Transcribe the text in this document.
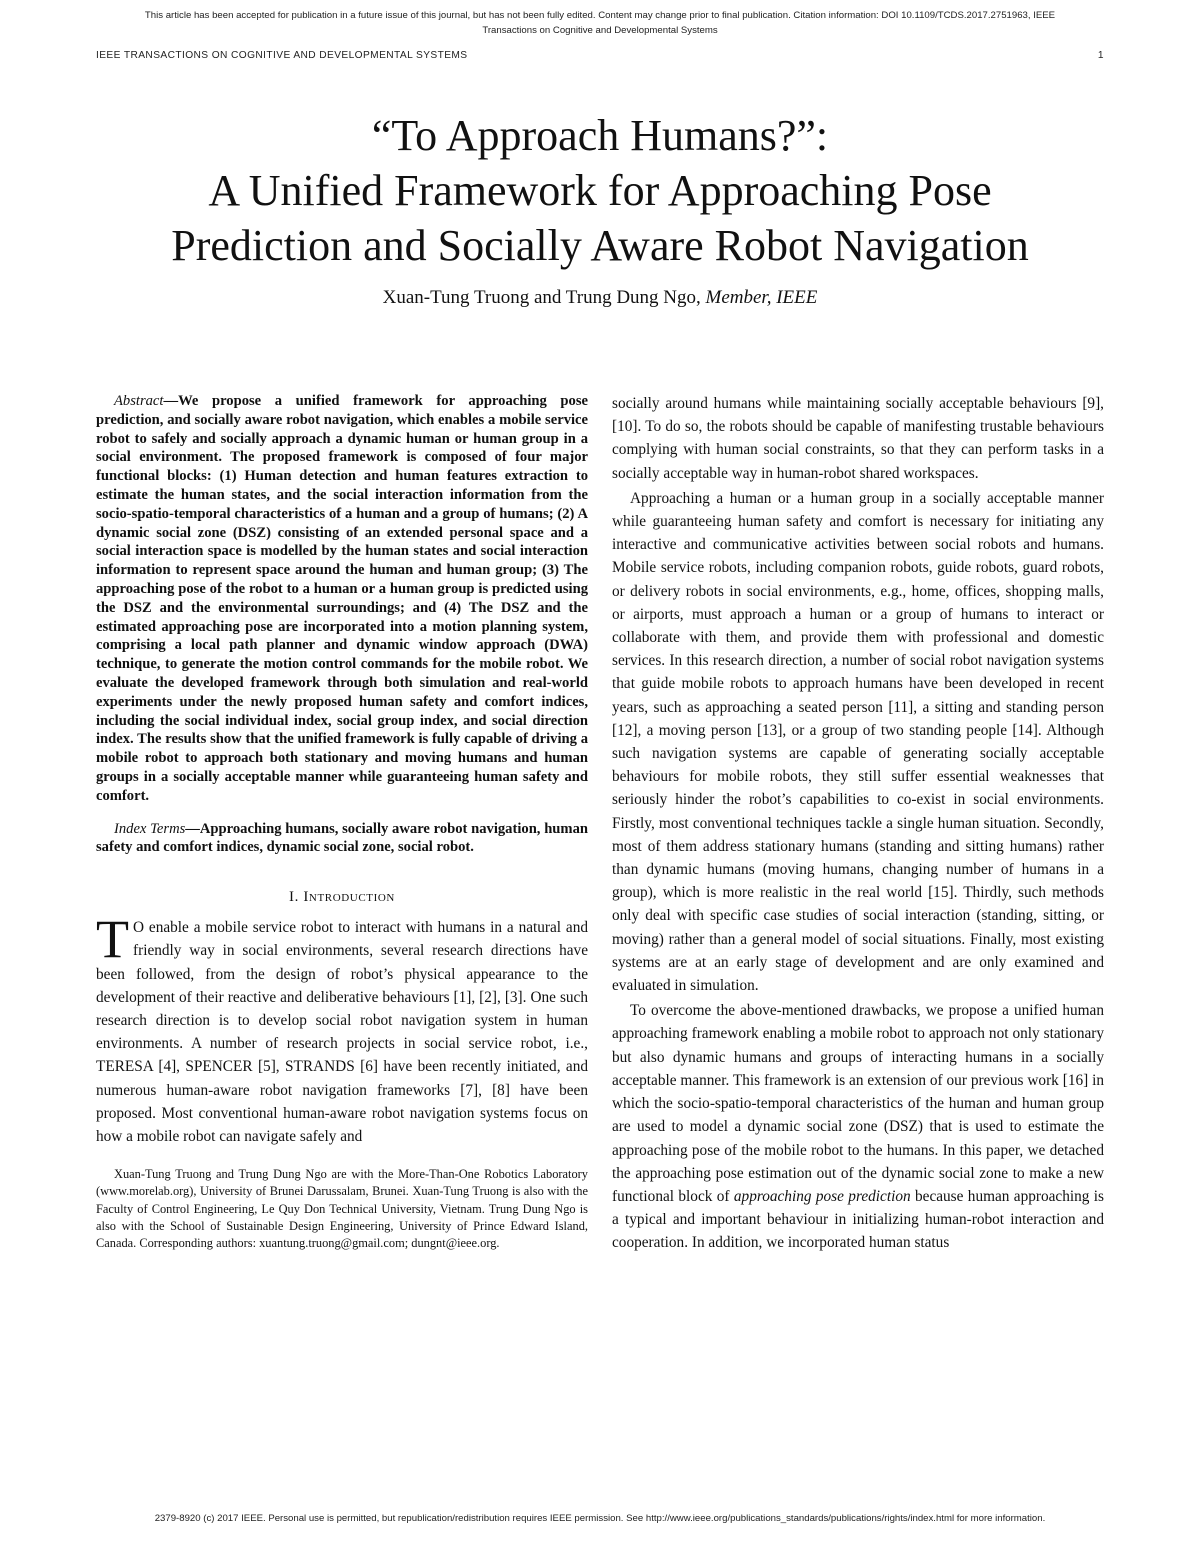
This article has been accepted for publication in a future issue of this journal, but has not been fully edited. Content may change prior to final publication. Citation information: DOI 10.1109/TCDS.2017.2751963, IEEE
Transactions on Cognitive and Developmental Systems
IEEE TRANSACTIONS ON COGNITIVE AND DEVELOPMENTAL SYSTEMS	1
“To Approach Humans?”:
A Unified Framework for Approaching Pose
Prediction and Socially Aware Robot Navigation
Xuan-Tung Truong and Trung Dung Ngo, Member, IEEE

Abstract—We propose a unified framework for approaching pose prediction, and socially aware robot navigation, which enables a mobile service robot to safely and socially approach a dynamic human or human group in a social environment. The proposed framework is composed of four major functional blocks: (1) Human detection and human features extraction to estimate the human states, and the social interaction information from the socio-spatio-temporal characteristics of a human and a group of humans; (2) A dynamic social zone (DSZ) consisting of an extended personal space and a social interaction space is modelled by the human states and social interaction information to represent space around the human and human group; (3) The approaching pose of the robot to a human or a human group is predicted using the DSZ and the environmental surroundings; and (4) The DSZ and the estimated approaching pose are incorporated into a motion planning system, comprising a local path planner and dynamic window approach (DWA) technique, to generate the motion control commands for the mobile robot. We evaluate the developed framework through both simulation and real-world experiments under the newly proposed human safety and comfort indices, including the social individual index, social group index, and social direction index. The results show that the unified framework is fully capable of driving a mobile robot to approach both stationary and moving humans and human groups in a socially acceptable manner while guaranteeing human safety and comfort.

Index Terms—Approaching humans, socially aware robot navigation, human safety and comfort indices, dynamic social zone, social robot.

I. Introduction

T O enable a mobile service robot to interact with humans in a natural and friendly way in social environments, several research directions have been followed, from the design of robot’s physical appearance to the development of their reactive and deliberative behaviours [1], [2], [3]. One such research direction is to develop social robot navigation system in human environments. A number of research projects in social service robot, i.e., TERESA [4], SPENCER [5], STRANDS [6] have been recently initiated, and numerous human-aware robot navigation frameworks [7], [8] have been proposed. Most conventional human-aware robot navigation systems focus on how a mobile robot can navigate safely and

Xuan-Tung Truong and Trung Dung Ngo are with the More-Than-One Robotics Laboratory (www.morelab.org), University of Brunei Darussalam, Brunei. Xuan-Tung Truong is also with the Faculty of Control Engineering, Le Quy Don Technical University, Vietnam. Trung Dung Ngo is also with the School of Sustainable Design Engineering, University of Prince Edward Island, Canada. Corresponding authors: xuantung.truong@gmail.com; dungnt@ieee.org.

socially around humans while maintaining socially acceptable behaviours [9], [10]. To do so, the robots should be capable of manifesting trustable behaviours complying with human social constraints, so that they can perform tasks in a socially acceptable way in human-robot shared workspaces.

Approaching a human or a human group in a socially acceptable manner while guaranteeing human safety and comfort is necessary for initiating any interactive and communicative activities between social robots and humans. Mobile service robots, including companion robots, guide robots, guard robots, or delivery robots in social environments, e.g., home, offices, shopping malls, or airports, must approach a human or a group of humans to interact or collaborate with them, and provide them with professional and domestic services. In this research direction, a number of social robot navigation systems that guide mobile robots to approach humans have been developed in recent years, such as approaching a seated person [11], a sitting and standing person [12], a moving person [13], or a group of two standing people [14]. Although such navigation systems are capable of generating socially acceptable behaviours for mobile robots, they still suffer essential weaknesses that seriously hinder the robot’s capabilities to co-exist in social environments. Firstly, most conventional techniques tackle a single human situation. Secondly, most of them address stationary humans (standing and sitting humans) rather than dynamic humans (moving humans, changing number of humans in a group), which is more realistic in the real world [15]. Thirdly, such methods only deal with specific case studies of social interaction (standing, sitting, or moving) rather than a general model of social situations. Finally, most existing systems are at an early stage of development and are only examined and evaluated in simulation.

To overcome the above-mentioned drawbacks, we propose a unified human approaching framework enabling a mobile robot to approach not only stationary but also dynamic humans and groups of interacting humans in a socially acceptable manner. This framework is an extension of our previous work [16] in which the socio-spatio-temporal characteristics of the human and human group are used to model a dynamic social zone (DSZ) that is used to estimate the approaching pose of the mobile robot to the humans. In this paper, we detached the approaching pose estimation out of the dynamic social zone to make a new functional block of approaching pose prediction because human approaching is a typical and important behaviour in initializing human-robot interaction and cooperation. In addition, we incorporated human status

2379-8920 (c) 2017 IEEE. Personal use is permitted, but republication/redistribution requires IEEE permission. See http://www.ieee.org/publications_standards/publications/rights/index.html for more information.
